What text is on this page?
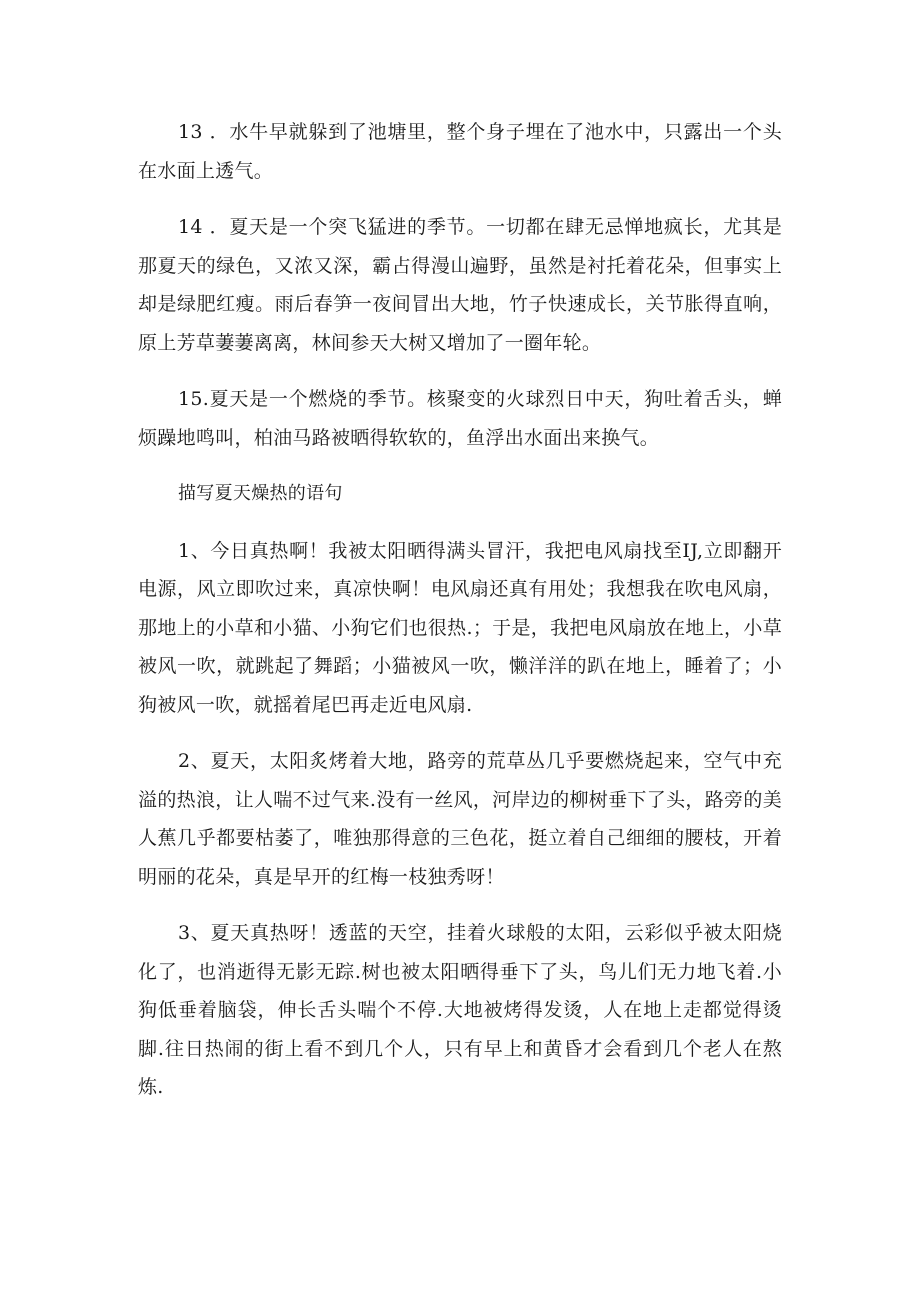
13 ．水牛早就躲到了池塘里，整个身子埋在了池水中，只露出一个头在水面上透气。

14 ．夏天是一个突飞猛进的季节。一切都在肆无忌惮地疯长，尤其是那夏天的绿色，又浓又深，霸占得漫山遍野，虽然是衬托着花朵，但事实上却是绿肥红瘦。雨后春笋一夜间冒出大地，竹子快速成长，关节胀得直响，原上芳草萋萋离离，林间参天大树又增加了一圈年轮。

15.夏天是一个燃烧的季节。核聚变的火球烈日中天，狗吐着舌头，蝉烦躁地鸣叫，柏油马路被晒得软软的，鱼浮出水面出来换气。

描写夏天燥热的语句

1、今日真热啊！我被太阳晒得满头冒汗，我把电风扇找至IJ,立即翻开电源，风立即吹过来，真凉快啊！电风扇还真有用处；我想我在吹电风扇，那地上的小草和小猫、小狗它们也很热.；于是，我把电风扇放在地上，小草被风一吹，就跳起了舞蹈；小猫被风一吹，懒洋洋的趴在地上，睡着了；小狗被风一吹，就摇着尾巴再走近电风扇.

2、夏天，太阳炙烤着大地，路旁的荒草丛几乎要燃烧起来，空气中充溢的热浪，让人喘不过气来.没有一丝风，河岸边的柳树垂下了头，路旁的美人蕉几乎都要枯萎了，唯独那得意的三色花，挺立着自己细细的腰枝，开着明丽的花朵，真是早开的红梅一枝独秀呀！

3、夏天真热呀！透蓝的天空，挂着火球般的太阳，云彩似乎被太阳烧化了，也消逝得无影无踪.树也被太阳晒得垂下了头，鸟儿们无力地飞着.小狗低垂着脑袋，伸长舌头喘个不停.大地被烤得发烫，人在地上走都觉得烫脚.往日热闹的街上看不到几个人，只有早上和黄昏才会看到几个老人在熬炼.
